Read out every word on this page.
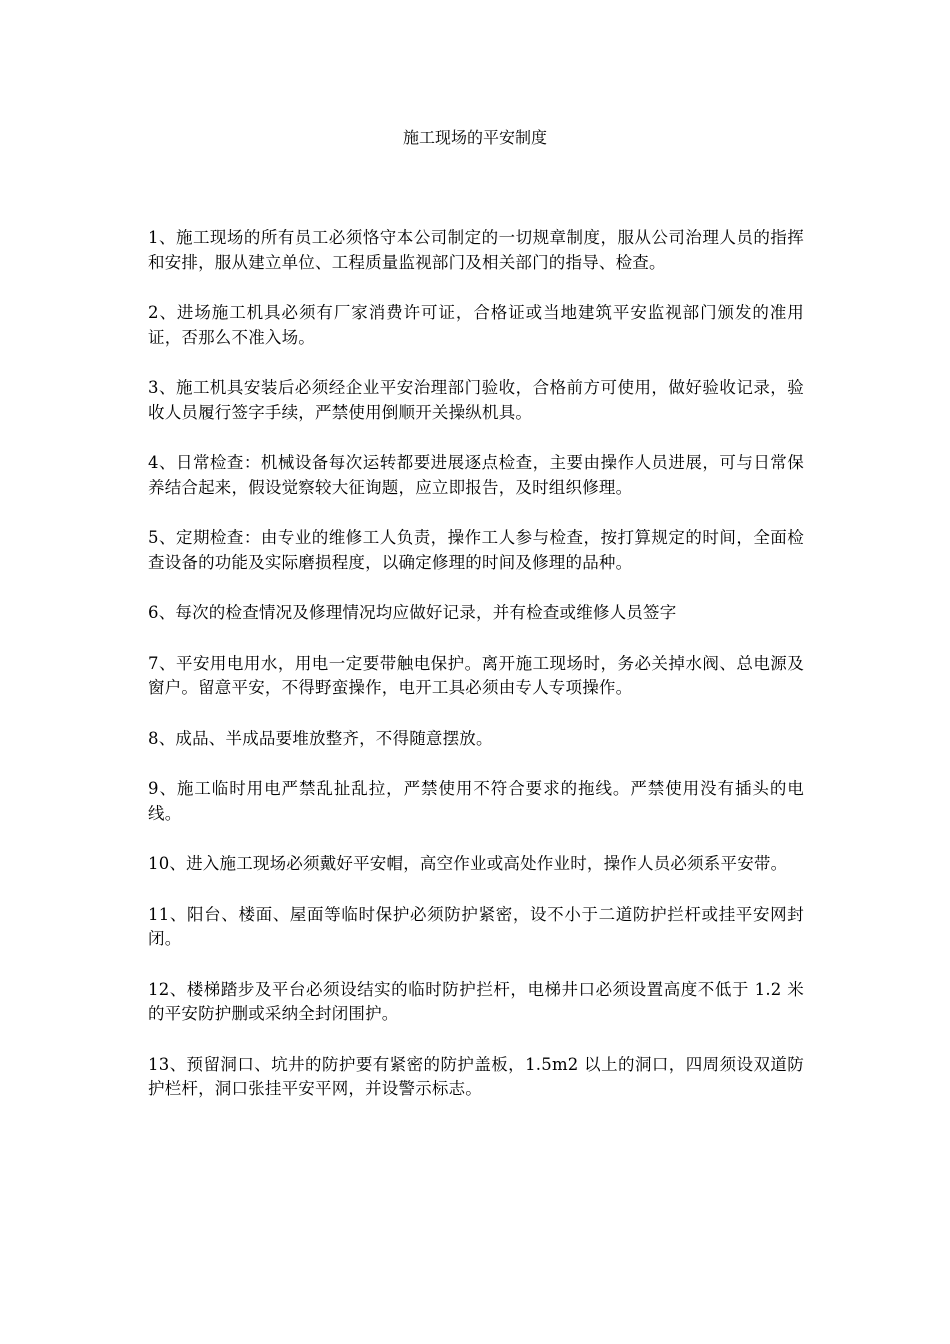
施工现场的平安制度

1、施工现场的所有员工必须恪守本公司制定的一切规章制度，服从公司治理人员的指挥和安排，服从建立单位、工程质量监视部门及相关部门的指导、检查。

2、进场施工机具必须有厂家消费许可证，合格证或当地建筑平安监视部门颁发的准用证，否那么不准入场。

3、施工机具安装后必须经企业平安治理部门验收，合格前方可使用，做好验收记录，验收人员履行签字手续，严禁使用倒顺开关操纵机具。

4、日常检查：机械设备每次运转都要进展逐点检查，主要由操作人员进展，可与日常保养结合起来，假设觉察较大征询题，应立即报告，及时组织修理。

5、定期检查：由专业的维修工人负责，操作工人参与检查，按打算规定的时间，全面检查设备的功能及实际磨损程度，以确定修理的时间及修理的品种。

6、每次的检查情况及修理情况均应做好记录，并有检查或维修人员签字

7、平安用电用水，用电一定要带触电保护。离开施工现场时，务必关掉水阀、总电源及窗户。留意平安，不得野蛮操作，电开工具必须由专人专项操作。

8、成品、半成品要堆放整齐，不得随意摆放。

9、施工临时用电严禁乱扯乱拉，严禁使用不符合要求的拖线。严禁使用没有插头的电线。

10、进入施工现场必须戴好平安帽，高空作业或高处作业时，操作人员必须系平安带。

11、阳台、楼面、屋面等临时保护必须防护紧密，设不小于二道防护拦杆或挂平安网封闭。

12、楼梯踏步及平台必须设结实的临时防护拦杆，电梯井口必须设置高度不低于 1.2 米的平安防护删或采纳全封闭围护。

13、预留洞口、坑井的防护要有紧密的防护盖板，1.5m2 以上的洞口，四周须设双道防护栏杆，洞口张挂平安平网，并设警示标志。
